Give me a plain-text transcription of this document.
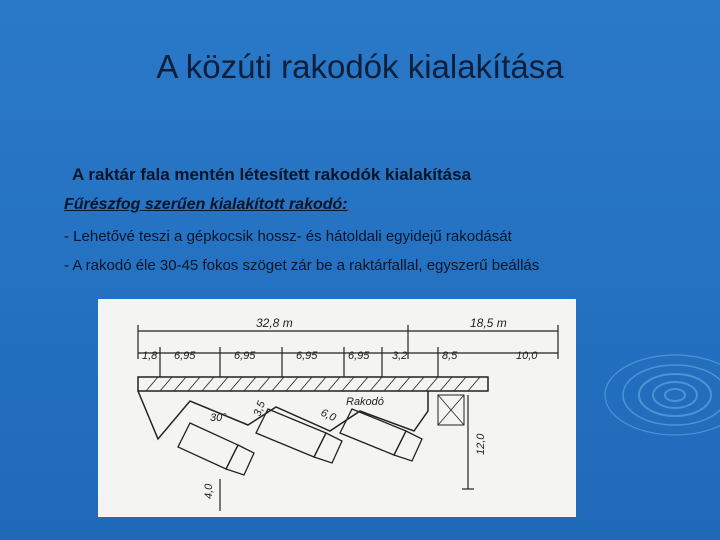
A közúti rakodók kialakítása
A raktár fala mentén létesített rakodók kialakítása
Fűrészfog szerűen kialakított rakodó:
- Lehetővé teszi a gépkocsik hossz- és hátoldali egyidejű rakodását
- A rakodó éle 30-45 fokos szöget zár be a raktárfallal, egyszerű beállás
32,8 m	18,5 m
1,8 6,95	6,95	6,95	6,95 3,2	8,5	10,0
Rakodó
30° 3,5	6,0
12,0
4,0
